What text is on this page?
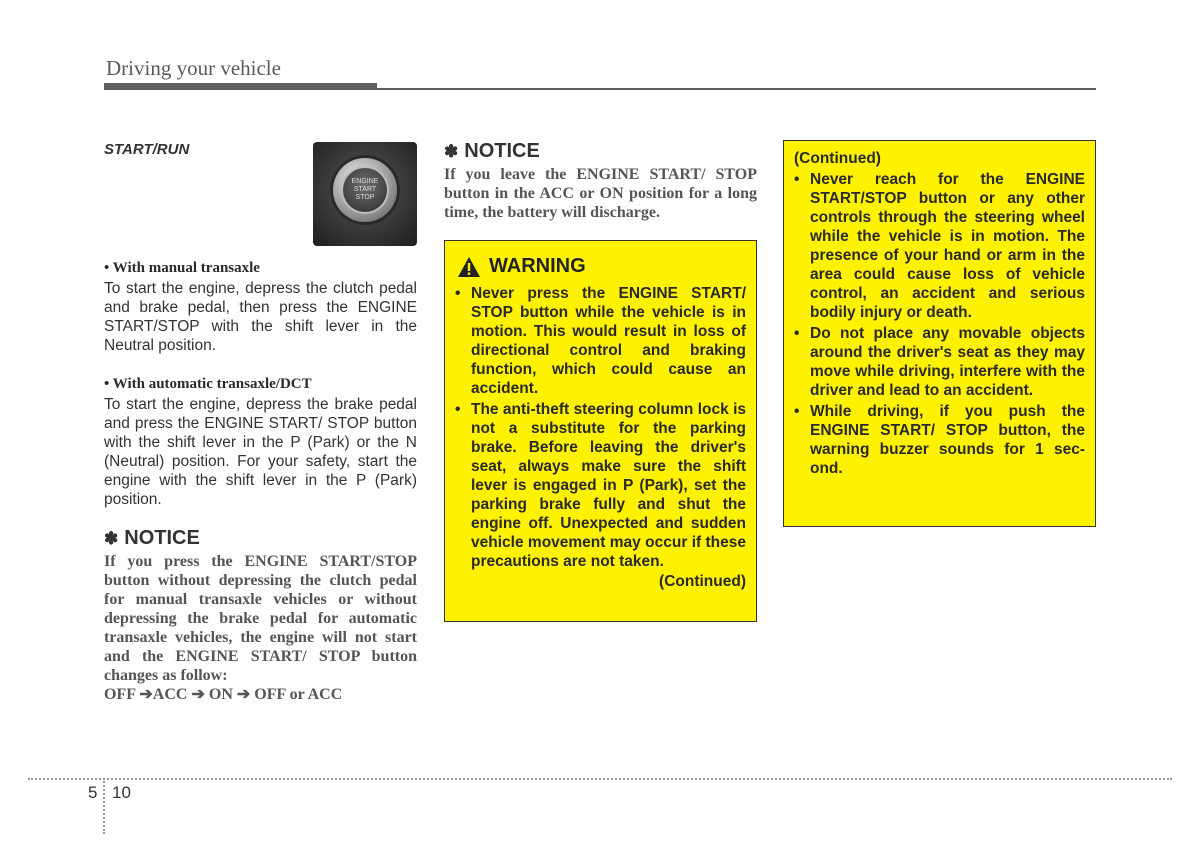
Driving your vehicle
START/RUN
ENGINE
START
STOP
• With manual transaxle

To start the engine, depress the clutch pedal and brake pedal, then press the ENGINE START/STOP with the shift lever in the Neutral position.

• With automatic transaxle/DCT

To start the engine, depress the brake pedal and press the ENGINE START/ STOP button with the shift lever in the P (Park) or the N (Neutral) position. For your safety, start the engine with the shift lever in the P (Park) position.

✽ NOTICE
If you press the ENGINE START/STOP button without depressing the clutch pedal for manual transaxle vehicles or without depressing the brake pedal for automatic transaxle vehicles, the engine will not start and the ENGINE START/ STOP button changes as follow:
OFF ➔ACC ➔ ON ➔ OFF or ACC
✽ NOTICE
If you leave the ENGINE START/ STOP button in the ACC or ON position for a long time, the battery will discharge.
WARNING
• Never press the ENGINE START/ STOP button while the vehicle is in motion. This would result in loss of directional control and braking function, which could cause an accident.
• The anti-theft steering column lock is not a substitute for the parking brake. Before leaving the driver's seat, always make sure the shift lever is engaged in P (Park), set the parking brake fully and shut the engine off. Unexpected and sudden vehicle movement may occur if these precautions are not taken.
(Continued)
(Continued)
• Never reach for the ENGINE START/STOP button or any other controls through the steering wheel while the vehicle is in motion. The presence of your hand or arm in the area could cause loss of vehicle control, an accident and serious bodily injury or death.
• Do not place any movable objects around the driver's seat as they may move while driving, interfere with the driver and lead to an accident.
• While driving, if you push the ENGINE START/ STOP button, the warning buzzer sounds for 1 sec- ond.
5 10
